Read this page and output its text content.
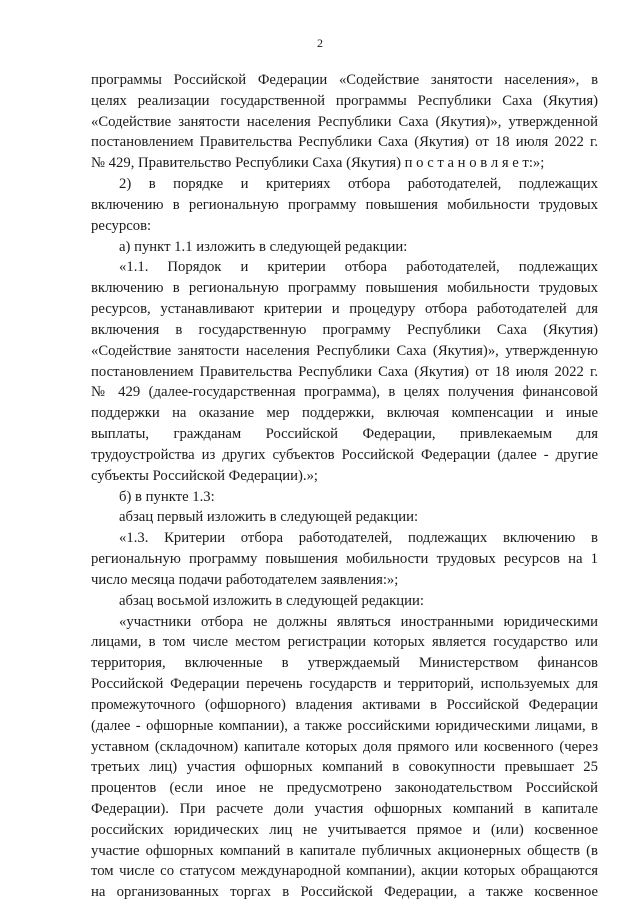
2
программы Российской Федерации «Содействие занятости населения», в
целях реализации государственной программы Республики Саха (Якутия)
«Содействие занятости населения Республики Саха (Якутия)», утвержденной
постановлением Правительства Республики Саха (Якутия) от 18 июля 2022 г.
№ 429, Правительство Республики Саха (Якутия) п о с т а н о в л я е т:»;
2) в порядке и критериях отбора работодателей, подлежащих
включению в региональную программу повышения мобильности трудовых
ресурсов:
а) пункт 1.1 изложить в следующей редакции:
«1.1. Порядок и критерии отбора работодателей, подлежащих
включению в региональную программу повышения мобильности трудовых
ресурсов, устанавливают критерии и процедуру отбора работодателей для
включения в государственную программу Республики Саха (Якутия)
«Содействие занятости населения Республики Саха (Якутия)», утвержденную
постановлением Правительства Республики Саха (Якутия) от 18 июля 2022 г.
№ 429 (далее-государственная программа), в целях получения финансовой
поддержки на оказание мер поддержки, включая компенсации и иные
выплаты, гражданам Российской Федерации, привлекаемым для
трудоустройства из других субъектов Российской Федерации (далее - другие
субъекты Российской Федерации).»;
б) в пункте 1.3:
абзац первый изложить в следующей редакции:
«1.3. Критерии отбора работодателей, подлежащих включению в
региональную программу повышения мобильности трудовых ресурсов на 1
число месяца подачи работодателем заявления:»;
абзац восьмой изложить в следующей редакции:
«участники отбора не должны являться иностранными юридическими
лицами, в том числе местом регистрации которых является государство или
территория, включенные в утверждаемый Министерством финансов
Российской Федерации перечень государств и территорий, используемых для
промежуточного (офшорного) владения активами в Российской Федерации
(далее - офшорные компании), а также российскими юридическими лицами, в
уставном (складочном) капитале которых доля прямого или косвенного (через
третьих лиц) участия офшорных компаний в совокупности превышает 25
процентов (если иное не предусмотрено законодательством Российской
Федерации). При расчете доли участия офшорных компаний в капитале
российских юридических лиц не учитывается прямое и (или) косвенное
участие офшорных компаний в капитале публичных акционерных обществ (в
том числе со статусом международной компании), акции которых обращаются
на организованных торгах в Российской Федерации, а также косвенное
